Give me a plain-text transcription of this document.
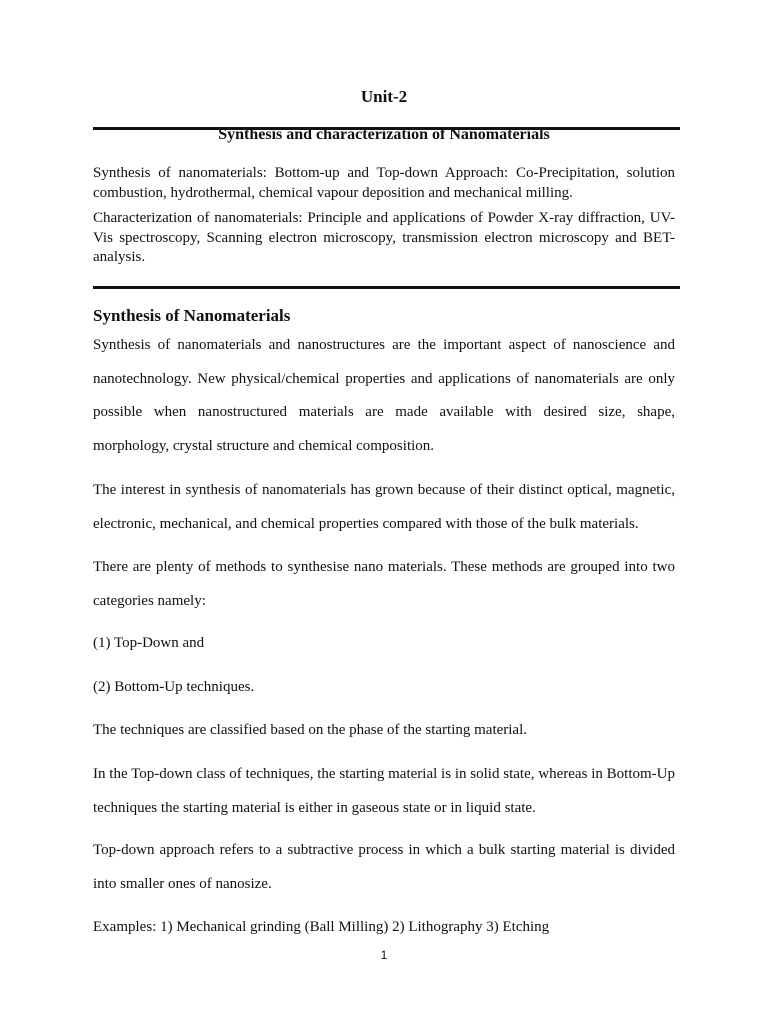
Unit-2
Synthesis and characterization of Nanomaterials
Synthesis of nanomaterials: Bottom-up and Top-down Approach: Co-Precipitation, solution combustion, hydrothermal, chemical vapour deposition and mechanical milling.
Characterization of nanomaterials: Principle and applications of Powder X-ray diffraction, UV-Vis spectroscopy, Scanning electron microscopy, transmission electron microscopy and BET-analysis.
Synthesis of Nanomaterials
Synthesis of nanomaterials and nanostructures are the important aspect of nanoscience and nanotechnology. New physical/chemical properties and applications of nanomaterials are only possible when nanostructured materials are made available with desired size, shape, morphology, crystal structure and chemical composition.
The interest in synthesis of nanomaterials has grown because of their distinct optical, magnetic, electronic, mechanical, and chemical properties compared with those of the bulk materials.
There are plenty of methods to synthesise nano materials. These methods are grouped into two categories namely:
(1) Top-Down and
(2) Bottom-Up techniques.
The techniques are classified based on the phase of the starting material.
In the Top-down class of techniques, the starting material is in solid state, whereas in Bottom-Up techniques the starting material is either in gaseous state or in liquid state.
Top-down approach refers to a subtractive process in which a bulk starting material is divided into smaller ones of nanosize.
Examples: 1) Mechanical grinding (Ball Milling) 2) Lithography 3) Etching
1
